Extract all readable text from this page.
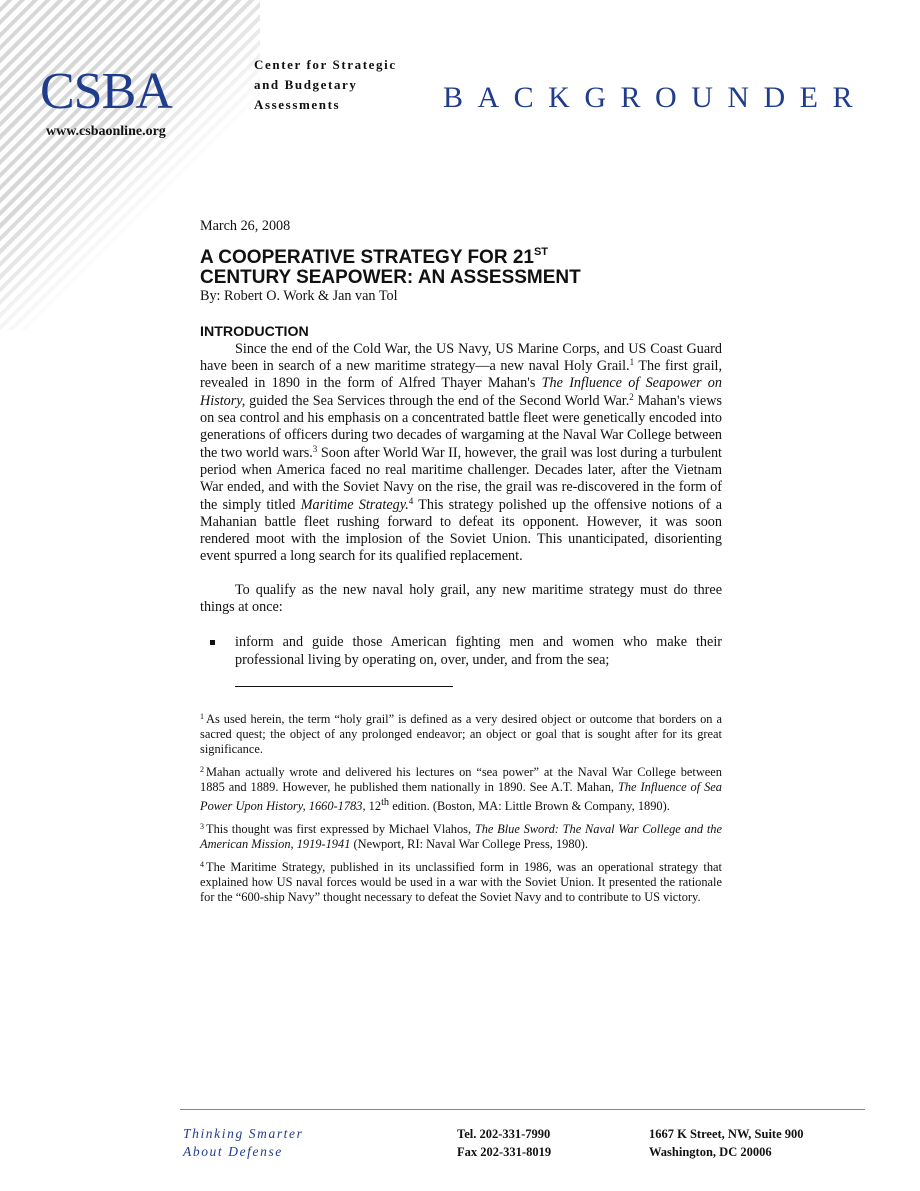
CSBA
www.csbaonline.org
Center for Strategic
and Budgetary
Assessments	BACKGROUNDER

March 26, 2008

A COOPERATIVE STRATEGY FOR 21ST
CENTURY SEAPOWER: AN ASSESSMENT

By: Robert O. Work & Jan van Tol

INTRODUCTION

Since the end of the Cold War, the US Navy, US Marine Corps, and US Coast Guard have been in search of a new maritime strategy—a new naval Holy Grail.$^1$ The first grail, revealed in 1890 in the form of Alfred Thayer Mahan's The Influence of Seapower on History, guided the Sea Services through the end of the Second World War.$^2$ Mahan's views on sea control and his emphasis on a concentrated battle fleet were genetically encoded into generations of officers during two decades of wargaming at the Naval War College between the two world wars.$^3$ Soon after World War II, however, the grail was lost during a turbulent period when America faced no real maritime challenger. Decades later, after the Vietnam War ended, and with the Soviet Navy on the rise, the grail was re-discovered in the form of the simply titled Maritime Strategy.$^4$ This strategy polished up the offensive notions of a Mahanian battle fleet rushing forward to defeat its opponent. However, it was soon rendered moot with the implosion of the Soviet Union. This unanticipated, disorienting event spurred a long search for its qualified replacement.

To qualify as the new naval holy grail, any new maritime strategy must do three things at once:

inform and guide those American fighting men and women who make their professional living by operating on, over, under, and from the sea;

$^1$ As used herein, the term “holy grail” is defined as a very desired object or outcome that borders on a sacred quest; the object of any prolonged endeavor; an object or goal that is sought after for its great significance.

$^2$ Mahan actually wrote and delivered his lectures on “sea power” at the Naval War College between 1885 and 1889. However, he published them nationally in 1890. See A.T. Mahan, The Influence of Sea Power Upon History, 1660-1783, 12th edition. (Boston, MA: Little Brown & Company, 1890).

$^3$ This thought was first expressed by Michael Vlahos, The Blue Sword: The Naval War College and the American Mission, 1919-1941 (Newport, RI: Naval War College Press, 1980).

$^4$ The Maritime Strategy, published in its unclassified form in 1986, was an operational strategy that explained how US naval forces would be used in a war with the Soviet Union. It presented the rationale for the “600-ship Navy” thought necessary to defeat the Soviet Navy and to contribute to US victory.

Thinking Smarter
About Defense
Tel. 202-331-7990
Fax 202-331-8019
1667 K Street, NW, Suite 900
Washington, DC 20006
